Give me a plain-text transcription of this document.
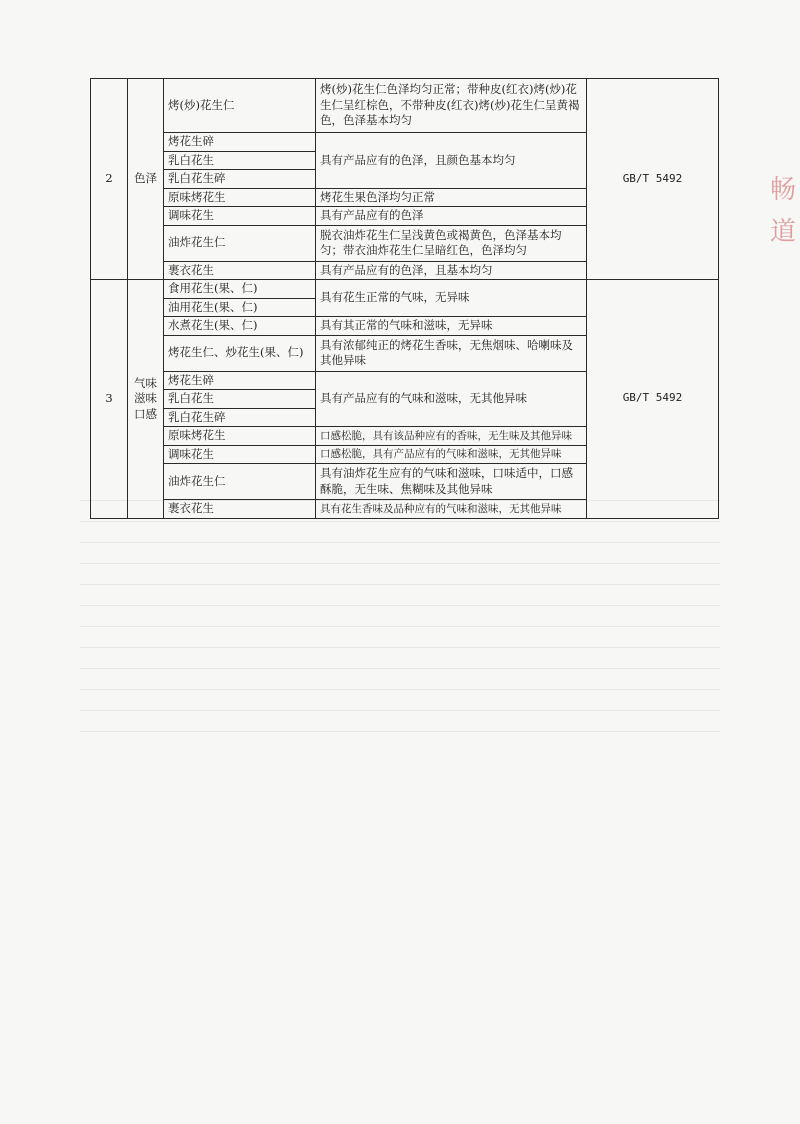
2	色泽	烤(炒)花生仁	烤(炒)花生仁色泽均匀正常；带种皮(红衣)烤(炒)花生仁呈红棕色，不带种皮(红衣)烤(炒)花生仁呈黄褐色，色泽基本均匀	GB/T 5492
		烤花生碎	具有产品应有的色泽，且颜色基本均匀	
		乳白花生		
		乳白花生碎		
		原味烤花生	烤花生果色泽均匀正常	
		调味花生	具有产品应有的色泽	
		油炸花生仁	脱衣油炸花生仁呈浅黄色或褐黄色，色泽基本均匀；带衣油炸花生仁呈暗红色，色泽均匀	
		裹衣花生	具有产品应有的色泽，且基本均匀	
3	气味滋味口感	食用花生(果、仁)	具有花生正常的气味，无异味	GB/T 5492
		油用花生(果、仁)		
		水煮花生(果、仁)	具有其正常的气味和滋味，无异味	
		烤花生仁、炒花生(果、仁)	具有浓郁纯正的烤花生香味，无焦烟味、哈喇味及其他异味	
		烤花生碎	具有产品应有的气味和滋味，无其他异味	
		乳白花生		
		乳白花生碎		
		原味烤花生	口感松脆，具有该品种应有的香味，无生味及其他异味	
		调味花生	口感松脆，具有产品应有的气味和滋味，无其他异味	
		油炸花生仁	具有油炸花生应有的气味和滋味，口味适中，口感酥脆，无生味、焦糊味及其他异味	
		裹衣花生	具有花生香味及品种应有的气味和滋味，无其他异味	
畅 道
